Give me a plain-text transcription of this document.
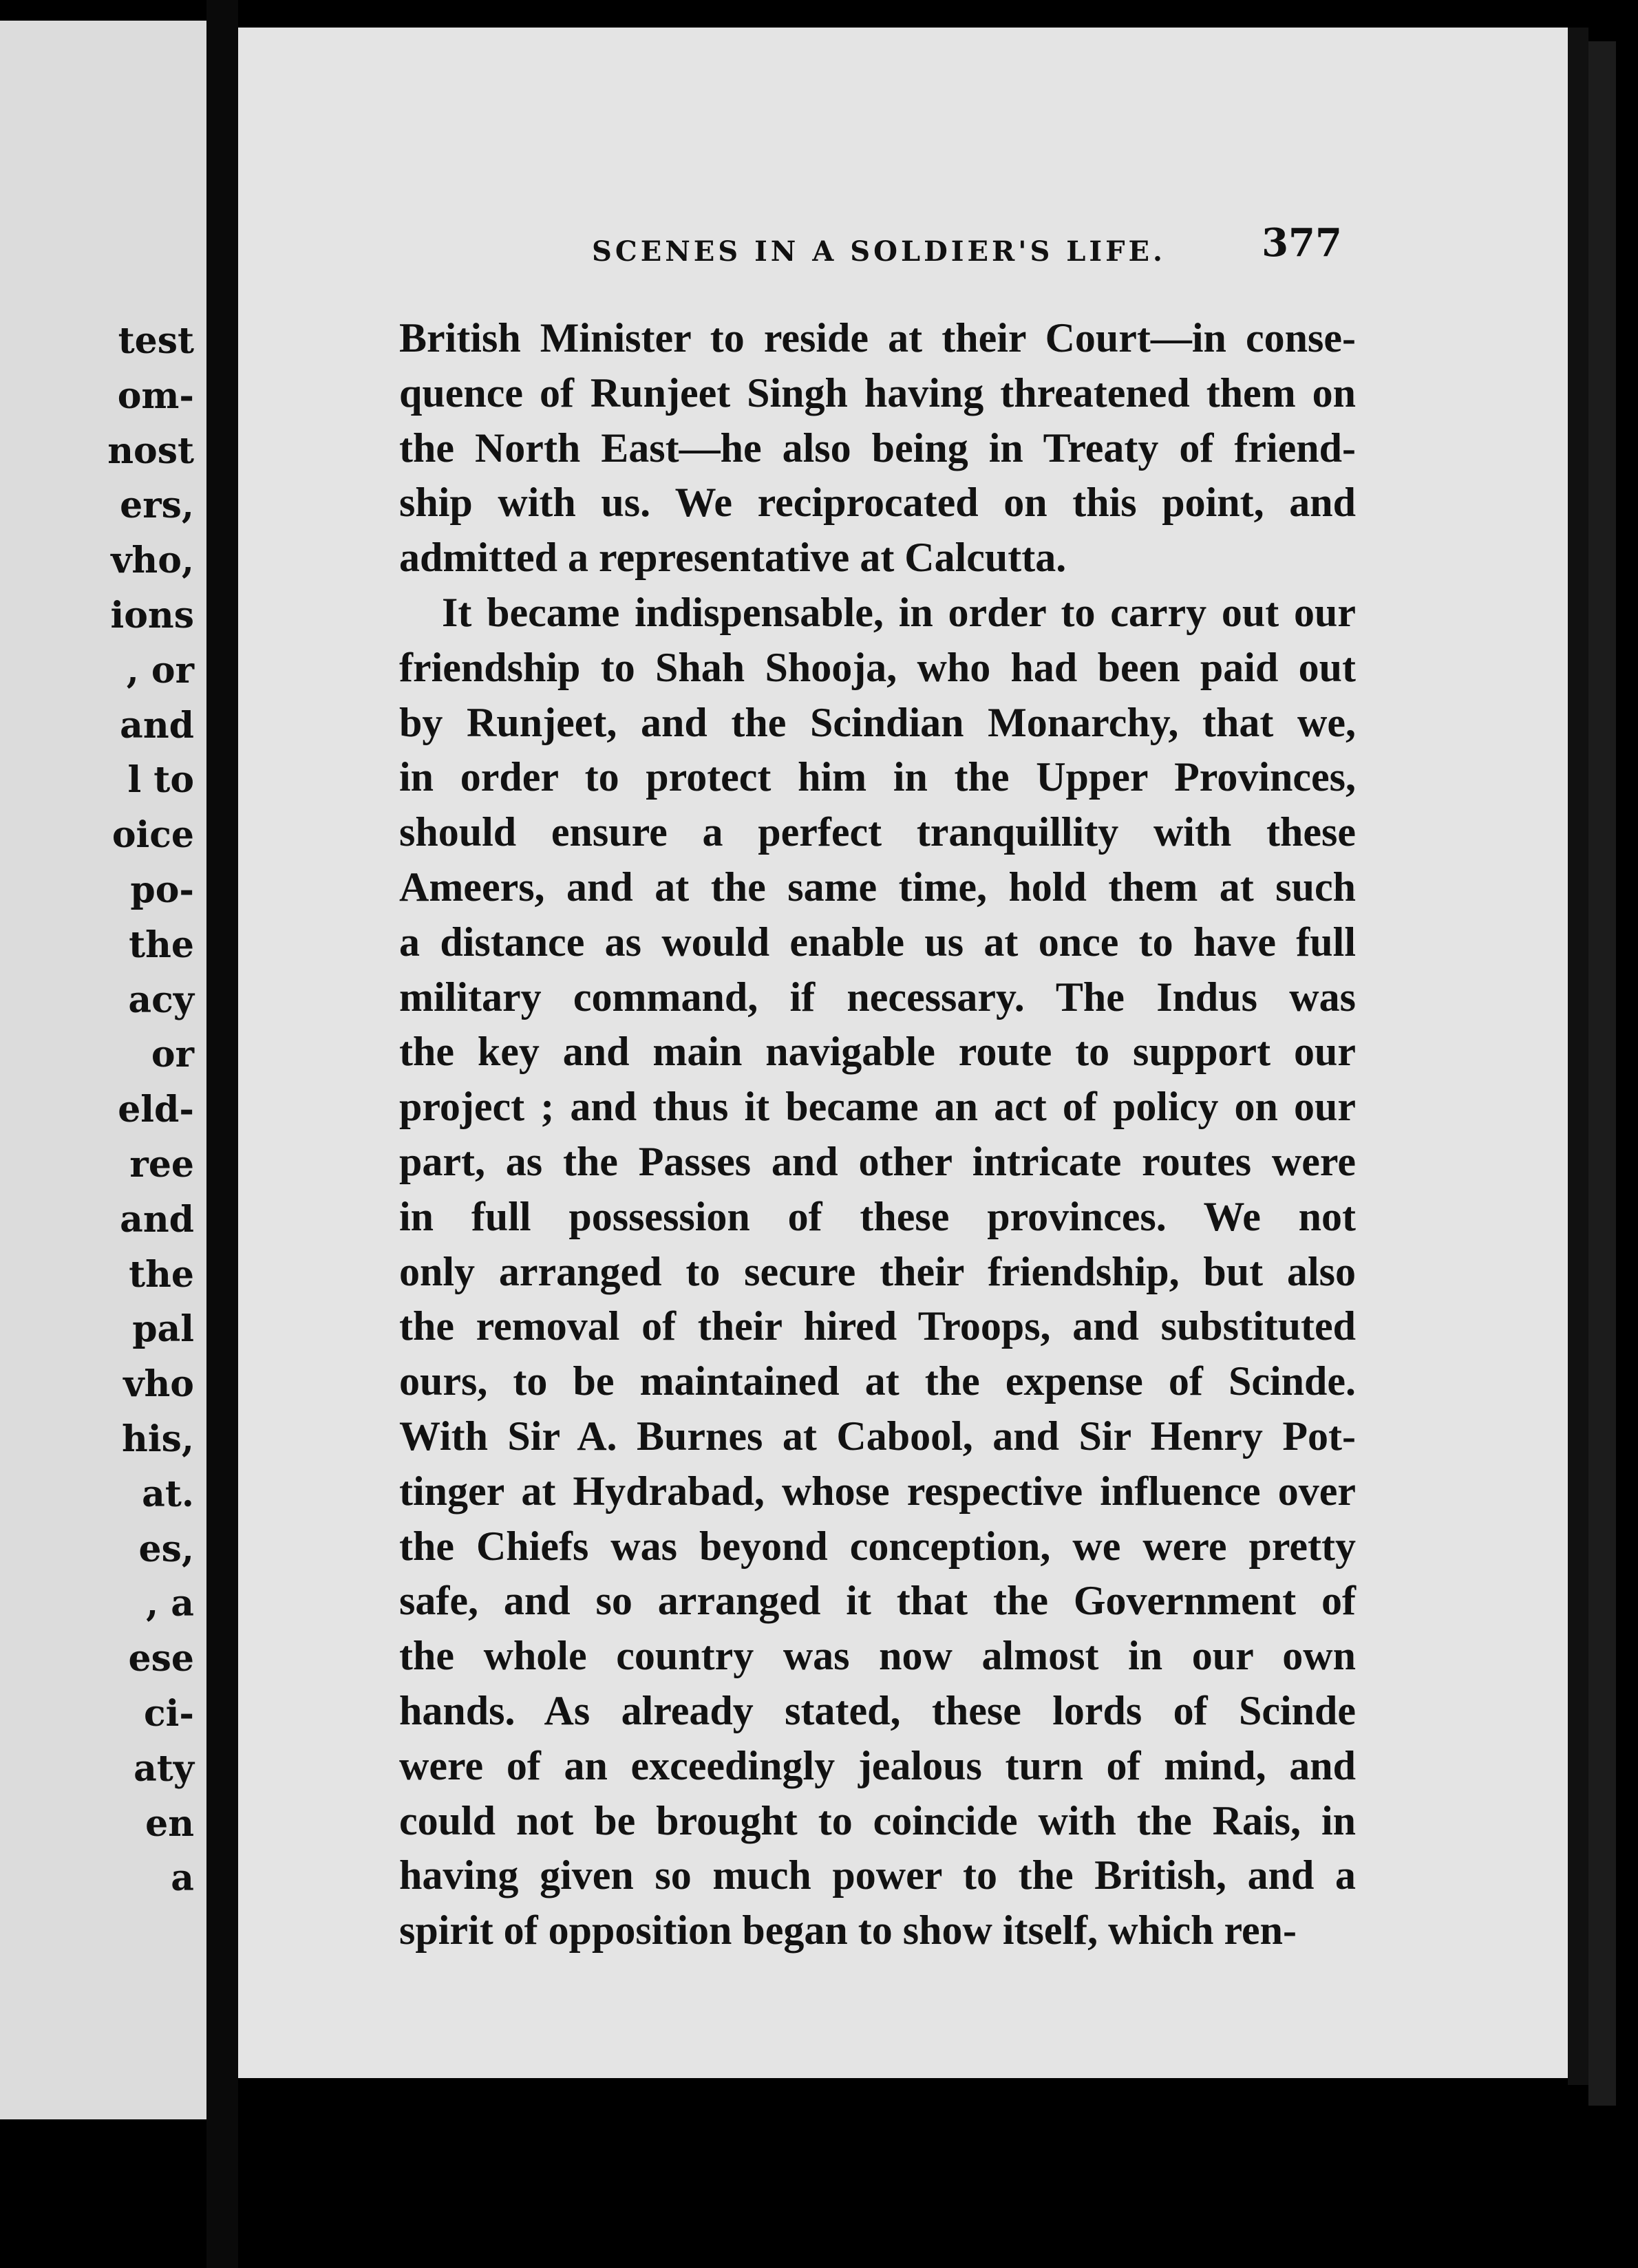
test
om-
nost
ers,
vho,
ions
, or
and
l to
oice
po-
the
acy
or
eld-
ree
and
the
pal
vho
his,
at.
es,
, a
ese
ci-
aty
en
a
SCENES IN A SOLDIER'S LIFE. 377

British Minister to reside at their Court—in conse-
quence of Runjeet Singh having threatened them on
the North East—he also being in Treaty of friend-
ship with us. We reciprocated on this point, and
admitted a representative at Calcutta.

It became indispensable, in order to carry out our
friendship to Shah Shooja, who had been paid out
by Runjeet, and the Scindian Monarchy, that we,
in order to protect him in the Upper Provinces,
should ensure a perfect tranquillity with these
Ameers, and at the same time, hold them at such
a distance as would enable us at once to have full
military command, if necessary. The Indus was
the key and main navigable route to support our
project ; and thus it became an act of policy on our
part, as the Passes and other intricate routes were
in full possession of these provinces. We not
only arranged to secure their friendship, but also
the removal of their hired Troops, and substituted
ours, to be maintained at the expense of Scinde.
With Sir A. Burnes at Cabool, and Sir Henry Pot-
tinger at Hydrabad, whose respective influence over
the Chiefs was beyond conception, we were pretty
safe, and so arranged it that the Government of
the whole country was now almost in our own
hands. As already stated, these lords of Scinde
were of an exceedingly jealous turn of mind, and
could not be brought to coincide with the Rais, in
having given so much power to the British, and a
spirit of opposition began to show itself, which ren-
